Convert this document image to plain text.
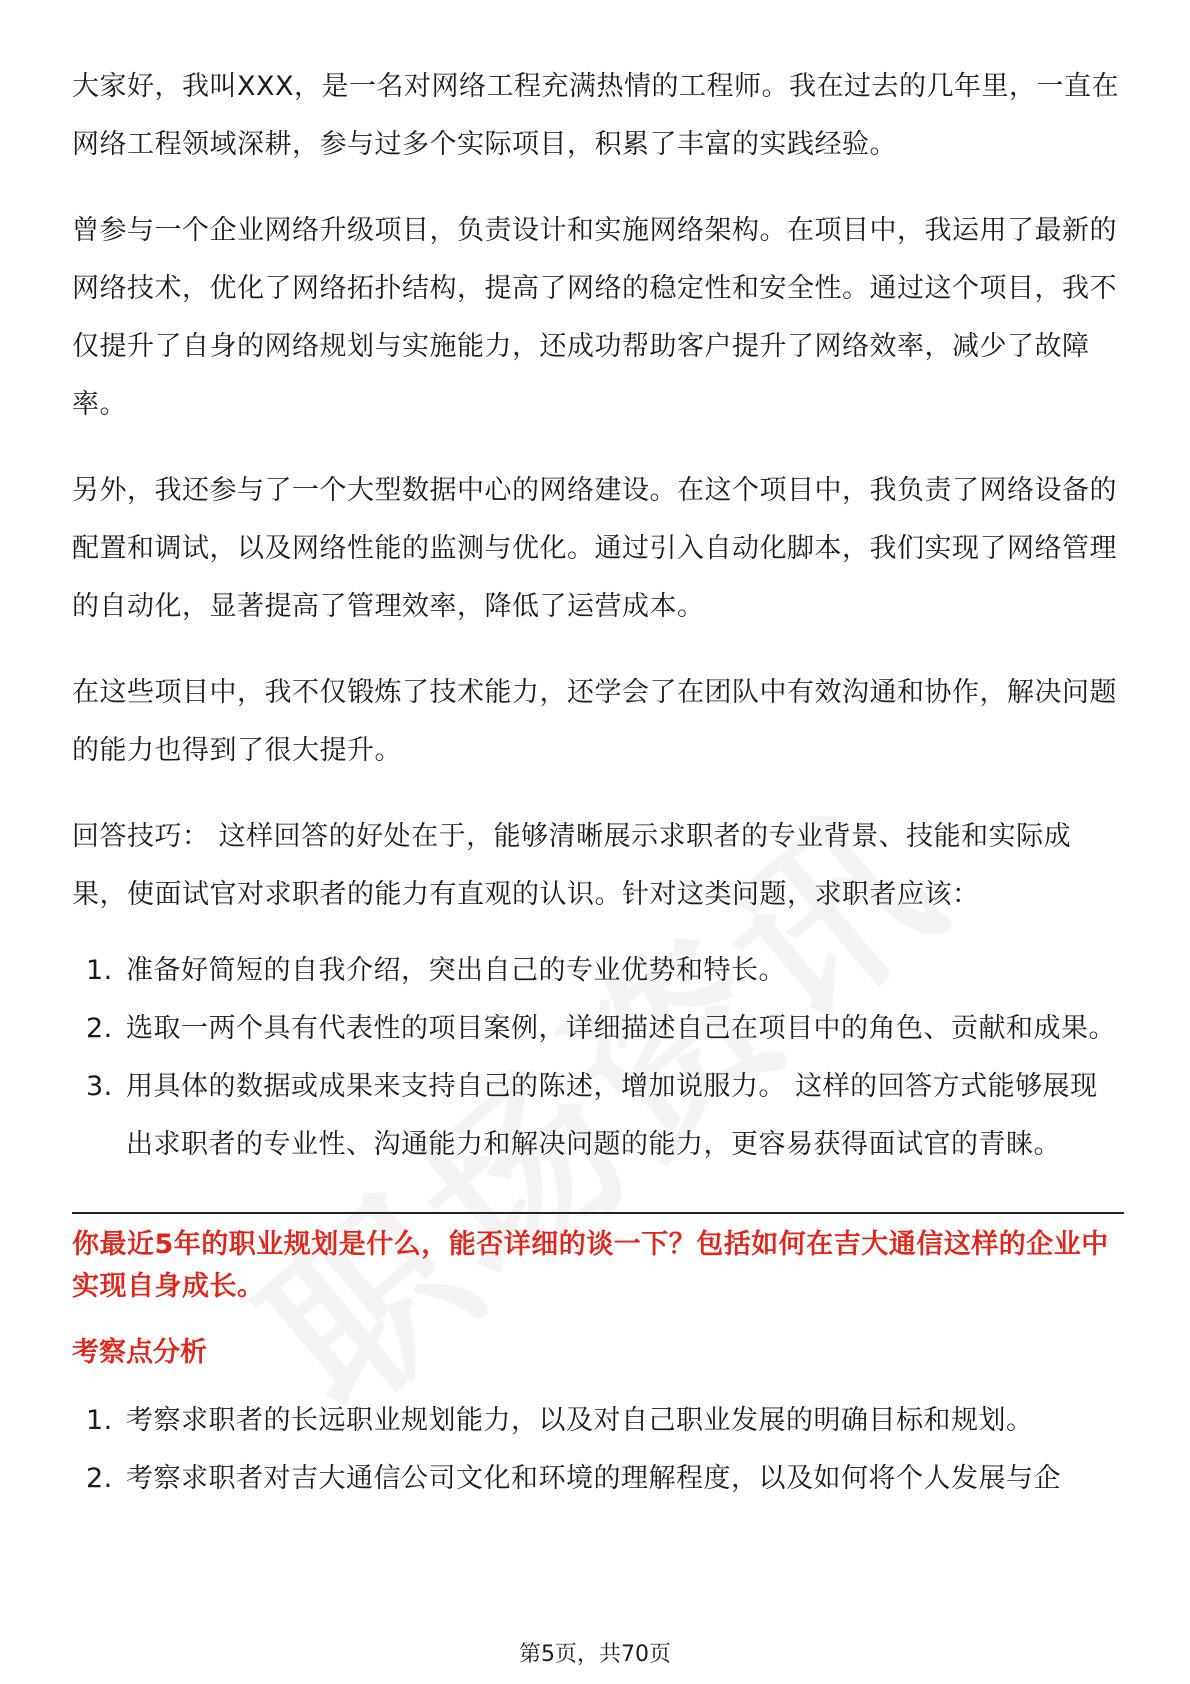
大家好，我叫XXX，是一名对网络工程充满热情的工程师。我在过去的几年里，一直在网络工程领域深耕，参与过多个实际项目，积累了丰富的实践经验。

曾参与一个企业网络升级项目，负责设计和实施网络架构。在项目中，我运用了最新的网络技术，优化了网络拓扑结构，提高了网络的稳定性和安全性。通过这个项目，我不仅提升了自身的网络规划与实施能力，还成功帮助客户提升了网络效率，减少了故障率。

另外，我还参与了一个大型数据中心的网络建设。在这个项目中，我负责了网络设备的配置和调试，以及网络性能的监测与优化。通过引入自动化脚本，我们实现了网络管理的自动化，显著提高了管理效率，降低了运营成本。

在这些项目中，我不仅锻炼了技术能力，还学会了在团队中有效沟通和协作，解决问题的能力也得到了很大提升。

回答技巧： 这样回答的好处在于，能够清晰展示求职者的专业背景、技能和实际成果，使面试官对求职者的能力有直观的认识。针对这类问题，求职者应该：

1. 准备好简短的自我介绍，突出自己的专业优势和特长。
2. 选取一两个具有代表性的项目案例，详细描述自己在项目中的角色、贡献和成果。
3. 用具体的数据或成果来支持自己的陈述，增加说服力。 这样的回答方式能够展现出求职者的专业性、沟通能力和解决问题的能力，更容易获得面试官的青睐。

你最近5年的职业规划是什么，能否详细的谈一下？包括如何在吉大通信这样的企业中实现自身成长。

考察点分析

1. 考察求职者的长远职业规划能力，以及对自己职业发展的明确目标和规划。
2. 考察求职者对吉大通信公司文化和环境的理解程度，以及如何将个人发展与企
第5页，共70页
